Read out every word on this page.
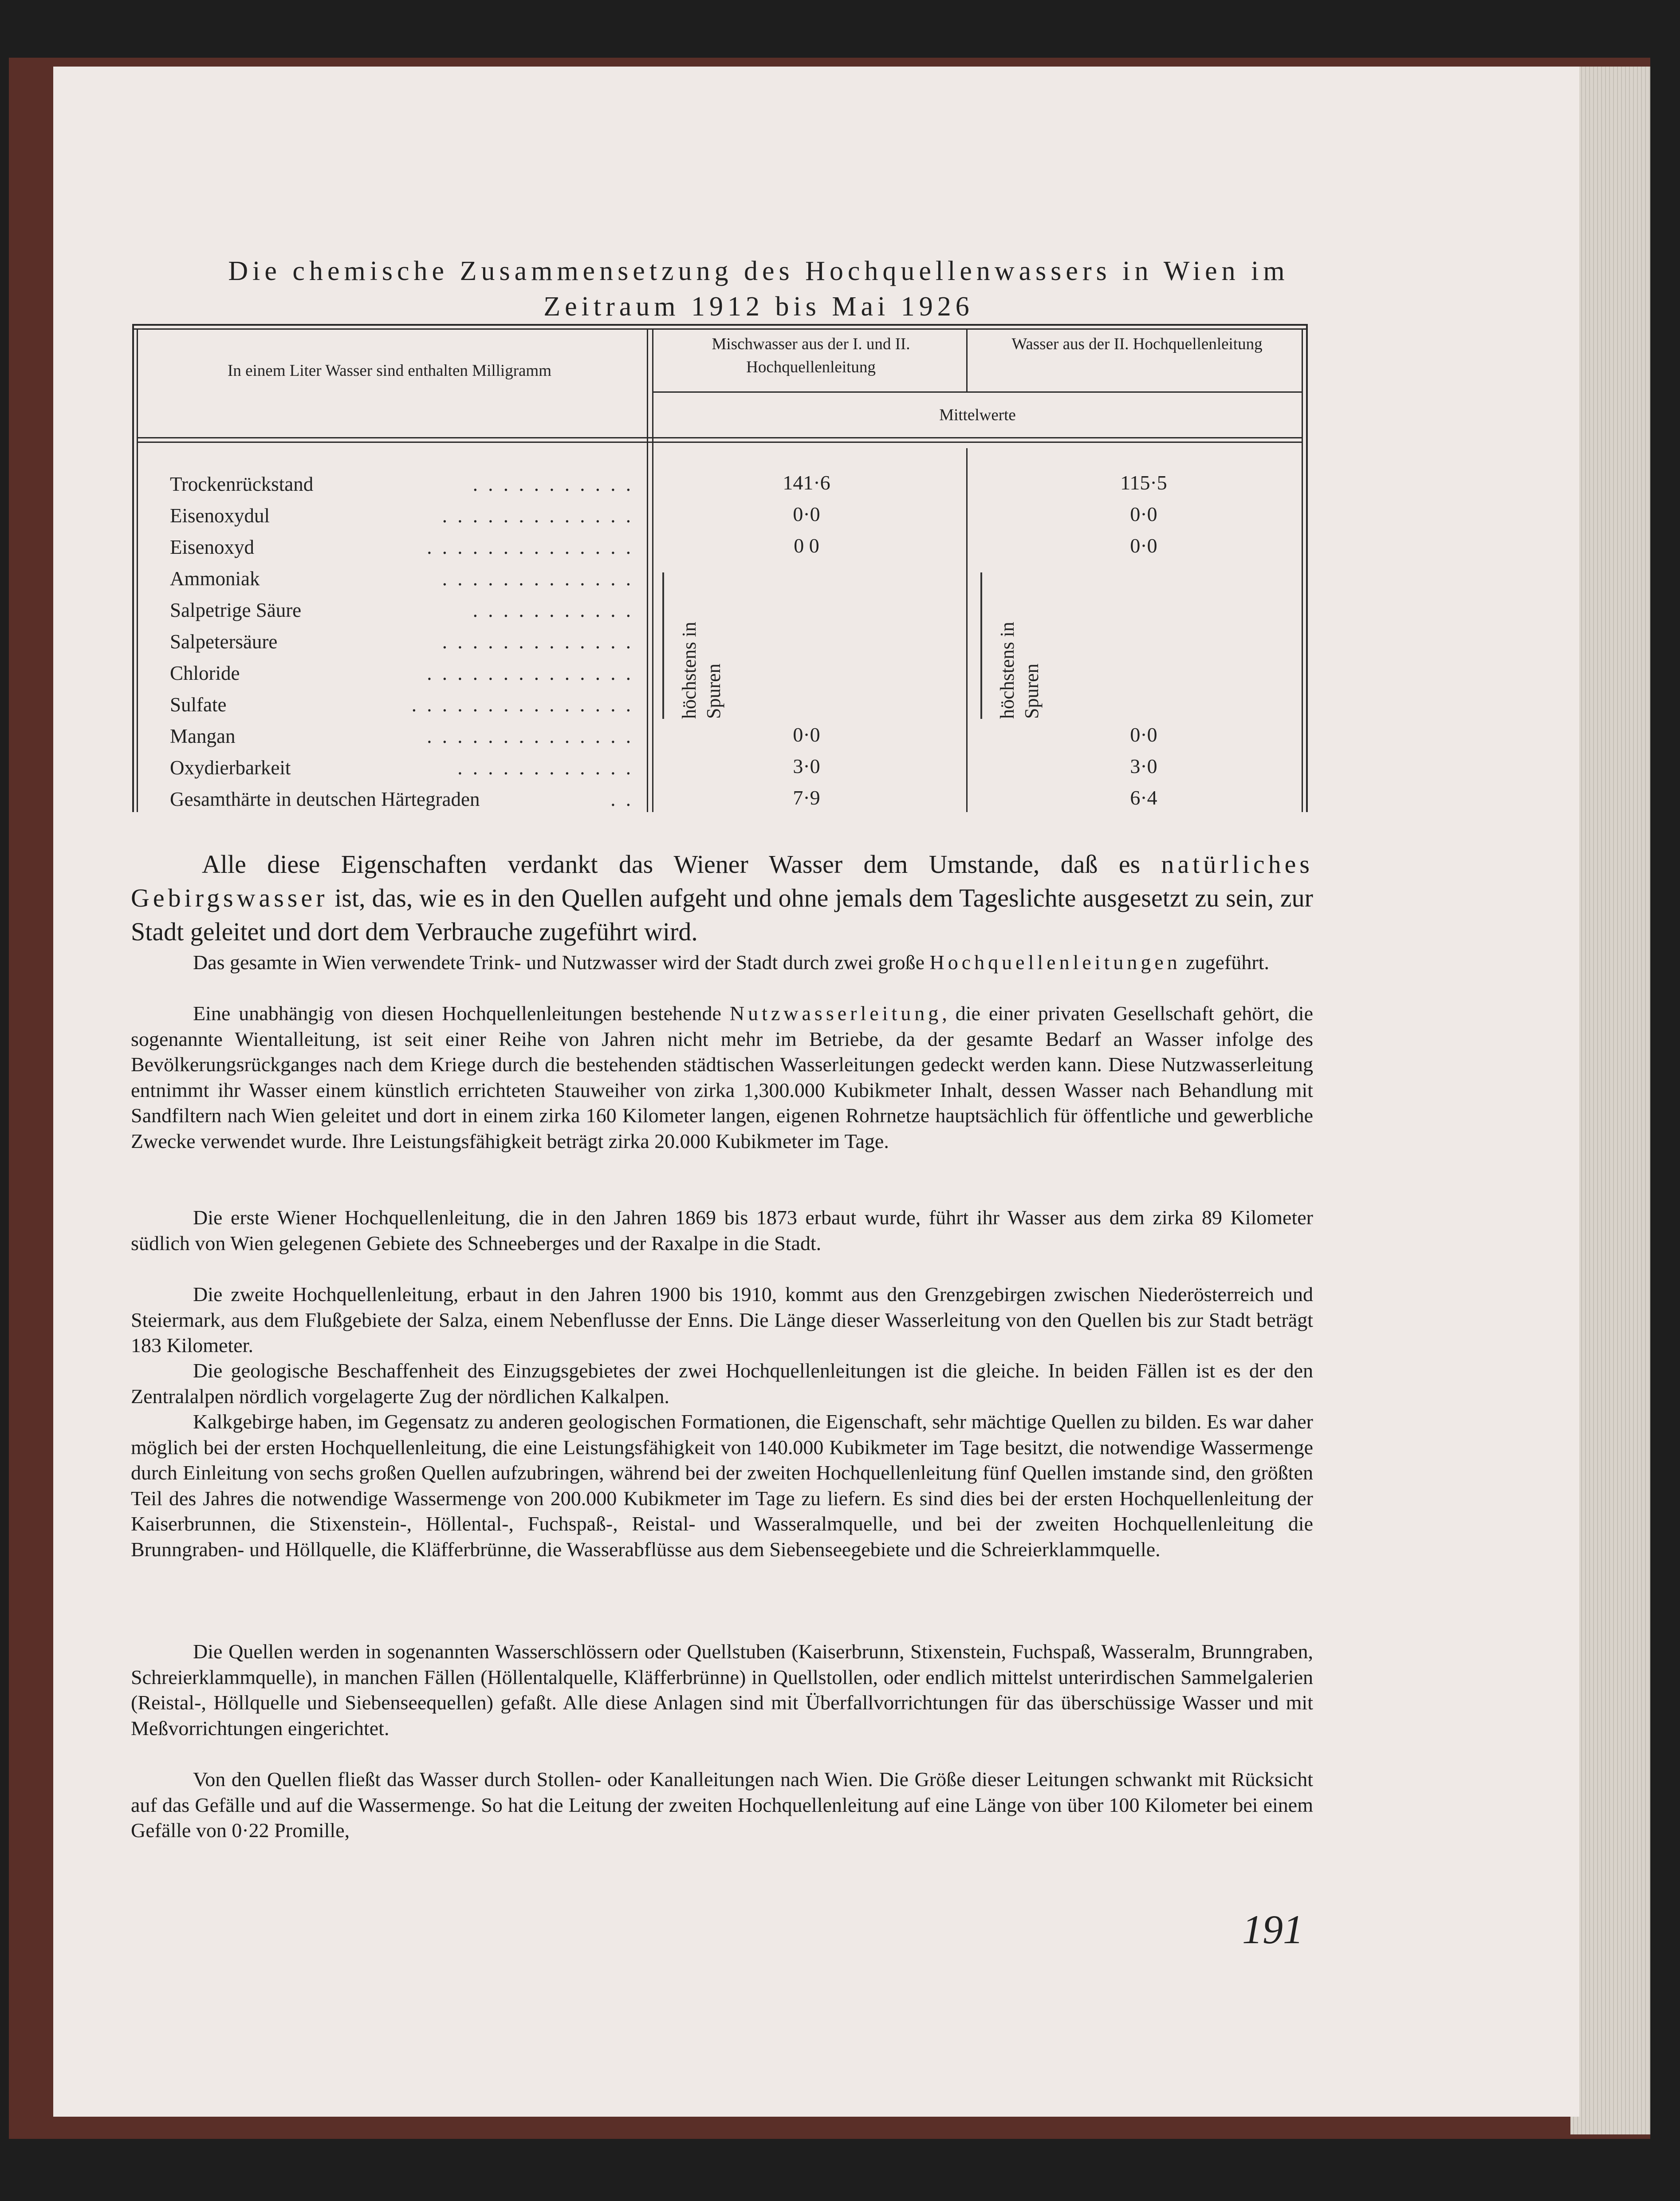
Die chemische Zusammensetzung des Hochquellenwassers in Wien im
Zeitraum 1912 bis Mai 1926
In einem Liter Wasser sind enthalten Milligramm
Mischwasser aus der I. und II. Hochquellenleitung
Wasser aus der II. Hochquellenleitung
Mittelwerte
Trockenrückstand
Eisenoxydul
Eisenoxyd
Ammoniak
Salpetrige Säure
Salpetersäure
Chloride
Sulfate
Mangan
Oxydierbarkeit
Gesamthärte in deutschen Härtegraden
. . . . . . . . . . .
. . . . . . . . . . . . .
. . . . . . . . . . . . . .
. . . . . . . . . . . . .
. . . . . . . . . . .
. . . . . . . . . . . . .
. . . . . . . . . . . . . .
. . . . . . . . . . . . . . .
. . . . . . . . . . . . . .
. . . . . . . . . . . .
. .
141·6
0·0
0 0
0·0
3·0
7·9
115·5
0·0
0·0
0·0
3·0
6·4
höchstens in Spuren	höchstens in Spuren
Alle diese Eigenschaften verdankt das Wiener Wasser dem Umstande, daß es natürliches Gebirgswasser ist, das, wie es in den Quellen aufgeht und ohne jemals dem Tageslichte ausgesetzt zu sein, zur Stadt geleitet und dort dem Verbrauche zugeführt wird.
Das gesamte in Wien verwendete Trink- und Nutzwasser wird der Stadt durch zwei große Hochquellenleitungen zugeführt.
Eine unabhängig von diesen Hochquellenleitungen bestehende Nutzwasserleitung, die einer privaten Gesellschaft gehört, die sogenannte Wientalleitung, ist seit einer Reihe von Jahren nicht mehr im Betriebe, da der gesamte Bedarf an Wasser infolge des Bevölkerungsrückganges nach dem Kriege durch die bestehenden städtischen Wasserleitungen gedeckt werden kann. Diese Nutzwasserleitung entnimmt ihr Wasser einem künstlich errichteten Stauweiher von zirka 1,300.000 Kubikmeter Inhalt, dessen Wasser nach Behandlung mit Sandfiltern nach Wien geleitet und dort in einem zirka 160 Kilometer langen, eigenen Rohrnetze hauptsächlich für öffentliche und gewerbliche Zwecke verwendet wurde. Ihre Leistungsfähigkeit beträgt zirka 20.000 Kubikmeter im Tage.
Die erste Wiener Hochquellenleitung, die in den Jahren 1869 bis 1873 erbaut wurde, führt ihr Wasser aus dem zirka 89 Kilometer südlich von Wien gelegenen Gebiete des Schneeberges und der Raxalpe in die Stadt.
Die zweite Hochquellenleitung, erbaut in den Jahren 1900 bis 1910, kommt aus den Grenzgebirgen zwischen Niederösterreich und Steiermark, aus dem Flußgebiete der Salza, einem Nebenflusse der Enns. Die Länge dieser Wasserleitung von den Quellen bis zur Stadt beträgt 183 Kilometer.
Die geologische Beschaffenheit des Einzugsgebietes der zwei Hochquellenleitungen ist die gleiche. In beiden Fällen ist es der den Zentralalpen nördlich vorgelagerte Zug der nördlichen Kalkalpen.
Kalkgebirge haben, im Gegensatz zu anderen geologischen Formationen, die Eigenschaft, sehr mächtige Quellen zu bilden. Es war daher möglich bei der ersten Hochquellenleitung, die eine Leistungsfähigkeit von 140.000 Kubikmeter im Tage besitzt, die notwendige Wassermenge durch Einleitung von sechs großen Quellen aufzubringen, während bei der zweiten Hochquellenleitung fünf Quellen imstande sind, den größten Teil des Jahres die notwendige Wassermenge von 200.000 Kubikmeter im Tage zu liefern. Es sind dies bei der ersten Hochquellenleitung der Kaiserbrunnen, die Stixenstein-, Höllental-, Fuchspaß-, Reistal- und Wasseralmquelle, und bei der zweiten Hochquellenleitung die Brunngraben- und Höllquelle, die Kläfferbrünne, die Wasserabflüsse aus dem Siebenseegebiete und die Schreierklammquelle.
Die Quellen werden in sogenannten Wasserschlössern oder Quellstuben (Kaiserbrunn, Stixenstein, Fuchspaß, Wasseralm, Brunngraben, Schreierklammquelle), in manchen Fällen (Höllentalquelle, Kläfferbrünne) in Quellstollen, oder endlich mittelst unterirdischen Sammelgalerien (Reistal-, Höllquelle und Siebenseequellen) gefaßt. Alle diese Anlagen sind mit Überfallvorrichtungen für das überschüssige Wasser und mit Meßvorrichtungen eingerichtet.
Von den Quellen fließt das Wasser durch Stollen- oder Kanalleitungen nach Wien. Die Größe dieser Leitungen schwankt mit Rücksicht auf das Gefälle und auf die Wassermenge. So hat die Leitung der zweiten Hochquellenleitung auf eine Länge von über 100 Kilometer bei einem Gefälle von 0·22 Promille,
191
